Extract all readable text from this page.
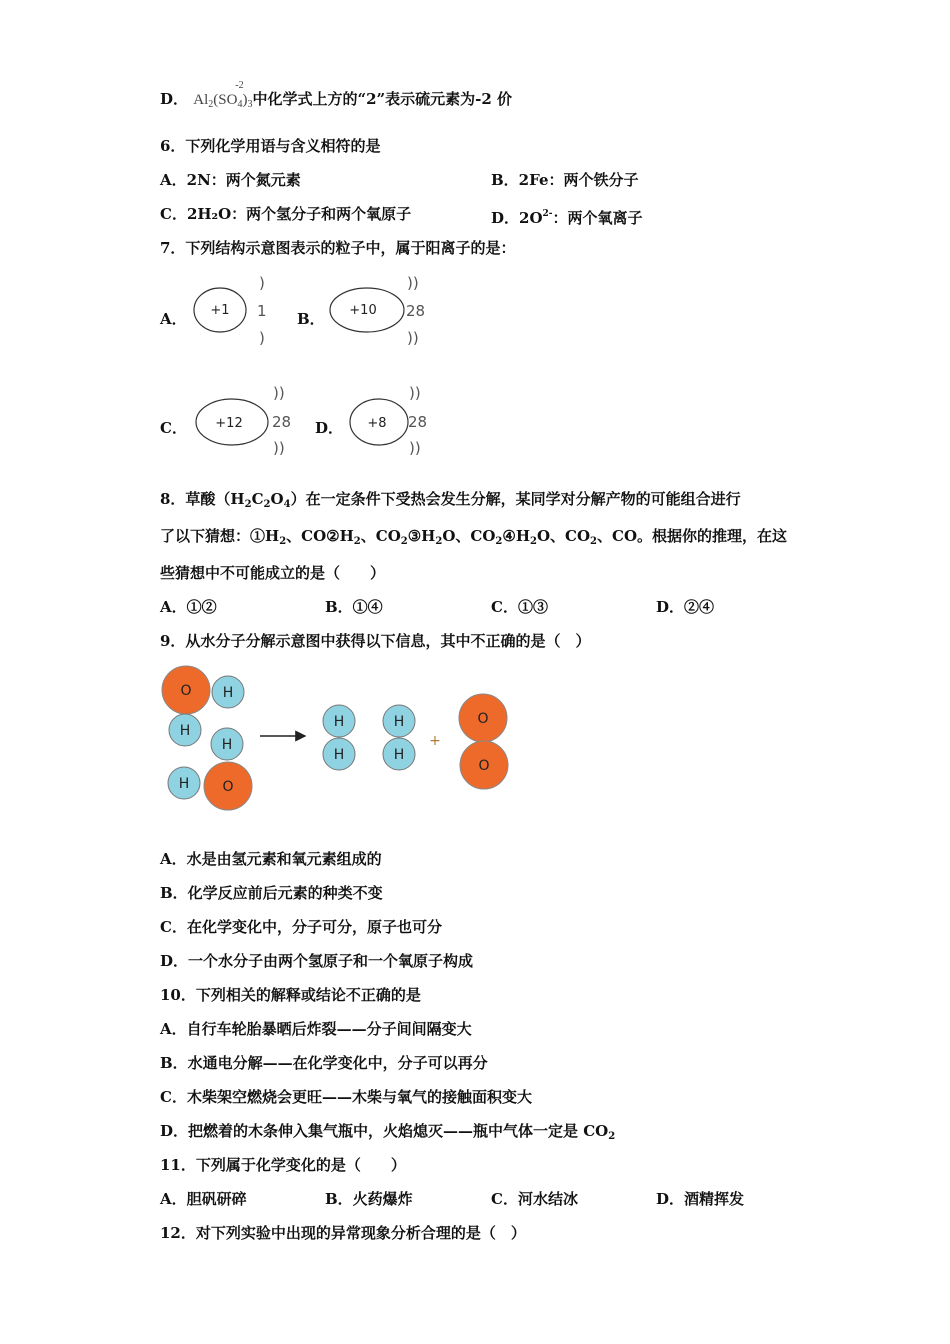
D． $Al_2(SO_4)_3$
-2
中化学式上方的“2”表示硫元素为-2 价
6．下列化学用语与含义相符的是
A．2N：两个氮元素	B．2Fe：两个铁分子
C．2H₂O：两个氢分子和两个氧原子	D．$2O^{2-}$：两个氧离子
7．下列结构示意图表示的粒子中，属于阳离子的是：
A．	B．
C．	D．
+1
)
1
)
+10
))
28
))
+12
))
28
))
+8
))
28
))
8．草酸$(H_2C_2O_4)$在一定条件下受热会发生分解，某同学对分解产物的可能组合进行
了以下猜想：$①H_2$、$CO②H_2$、$CO_2③H_2O$、$CO_2④H_2O$、$CO_2$、CO。根据你的推理，在这
些猜想中不可能成立的是（　　）
A．①②	B．①④	C．①③	D．②④
9．从水分子分解示意图中获得以下信息，其中不正确的是（　）
O H
H
O
H
H
H
H
H
H
+
O
O
A．水是由氢元素和氧元素组成的
B．化学反应前后元素的种类不变
C．在化学变化中，分子可分，原子也可分
D．一个水分子由两个氢原子和一个氧原子构成
10．下列相关的解释或结论不正确的是
A．自行车轮胎暴晒后炸裂——分子间间隔变大
B．水通电分解——在化学变化中，分子可以再分
C．木柴架空燃烧会更旺——木柴与氧气的接触面积变大
D．把燃着的木条伸入集气瓶中，火焰熄灭——瓶中气体一定是 $CO_2$
11．下列属于化学变化的是（　　）
A．胆矾研碎	B．火药爆炸	C．河水结冰	D．酒精挥发
12．对下列实验中出现的异常现象分析合理的是（　）
